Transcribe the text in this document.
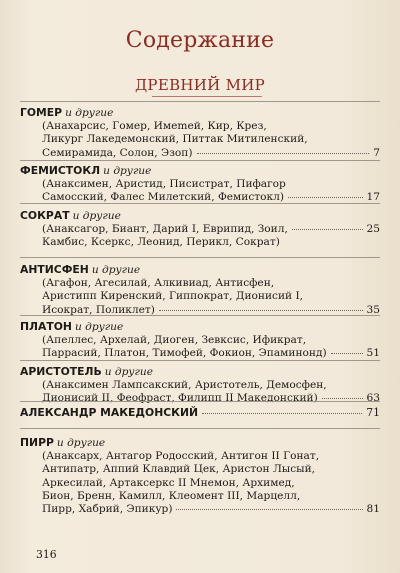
Содержание
ДРЕВНИЙ МИР
ГОМЕР и другие
(Анахарсис, Гомер, Имеmей, Кир, Крез,
Ликург Лакедемонский, Питтак Митиленский,
Семирамида, Солон, Эзоп)	7
ФЕМИСТОКЛ и другие
(Анаксимен, Аристид, Писистрат, Пифагор
Самосский, Фалес Милетский, Фемистокл)	17
СОКРАТ и другие
(Анаксагор, Биант, Дарий I, Еврипид, Зоил,	25
Камбис, Ксеркс, Леонид, Перикл, Сократ)
АНТИСФЕН и другие
(Агафон, Агесилай, Алкивиад, Антисфен,
Аристипп Киренский, Гиппократ, Дионисий I,
Исократ, Поликлет)	35
ПЛАТОН и другие
(Апеллес, Архелай, Диоген, Зевксис, Ификрат,
Паррасий, Платон, Тимофей, Фокион, Эпаминонд)	51
АРИСТОТЕЛЬ и другие
(Анаксимен Лампсакский, Аристотель, Демосфен,
Дионисий II, Феофраст, Филипп II Македонский)	63
АЛЕКСАНДР МАКЕДОНСКИЙ	71
ПИРР и другие
(Анаксарх, Антагор Родосский, Антигон II Гонат,
Антипатр, Аппий Клавдий Цек, Аристон Лысый,
Аркесилай, Артаксеркс II Мнемон, Архимед,
Бион, Бренн, Камилл, Клеомент III, Марцелл,
Пирр, Хабрий, Эпикур)	81
316
